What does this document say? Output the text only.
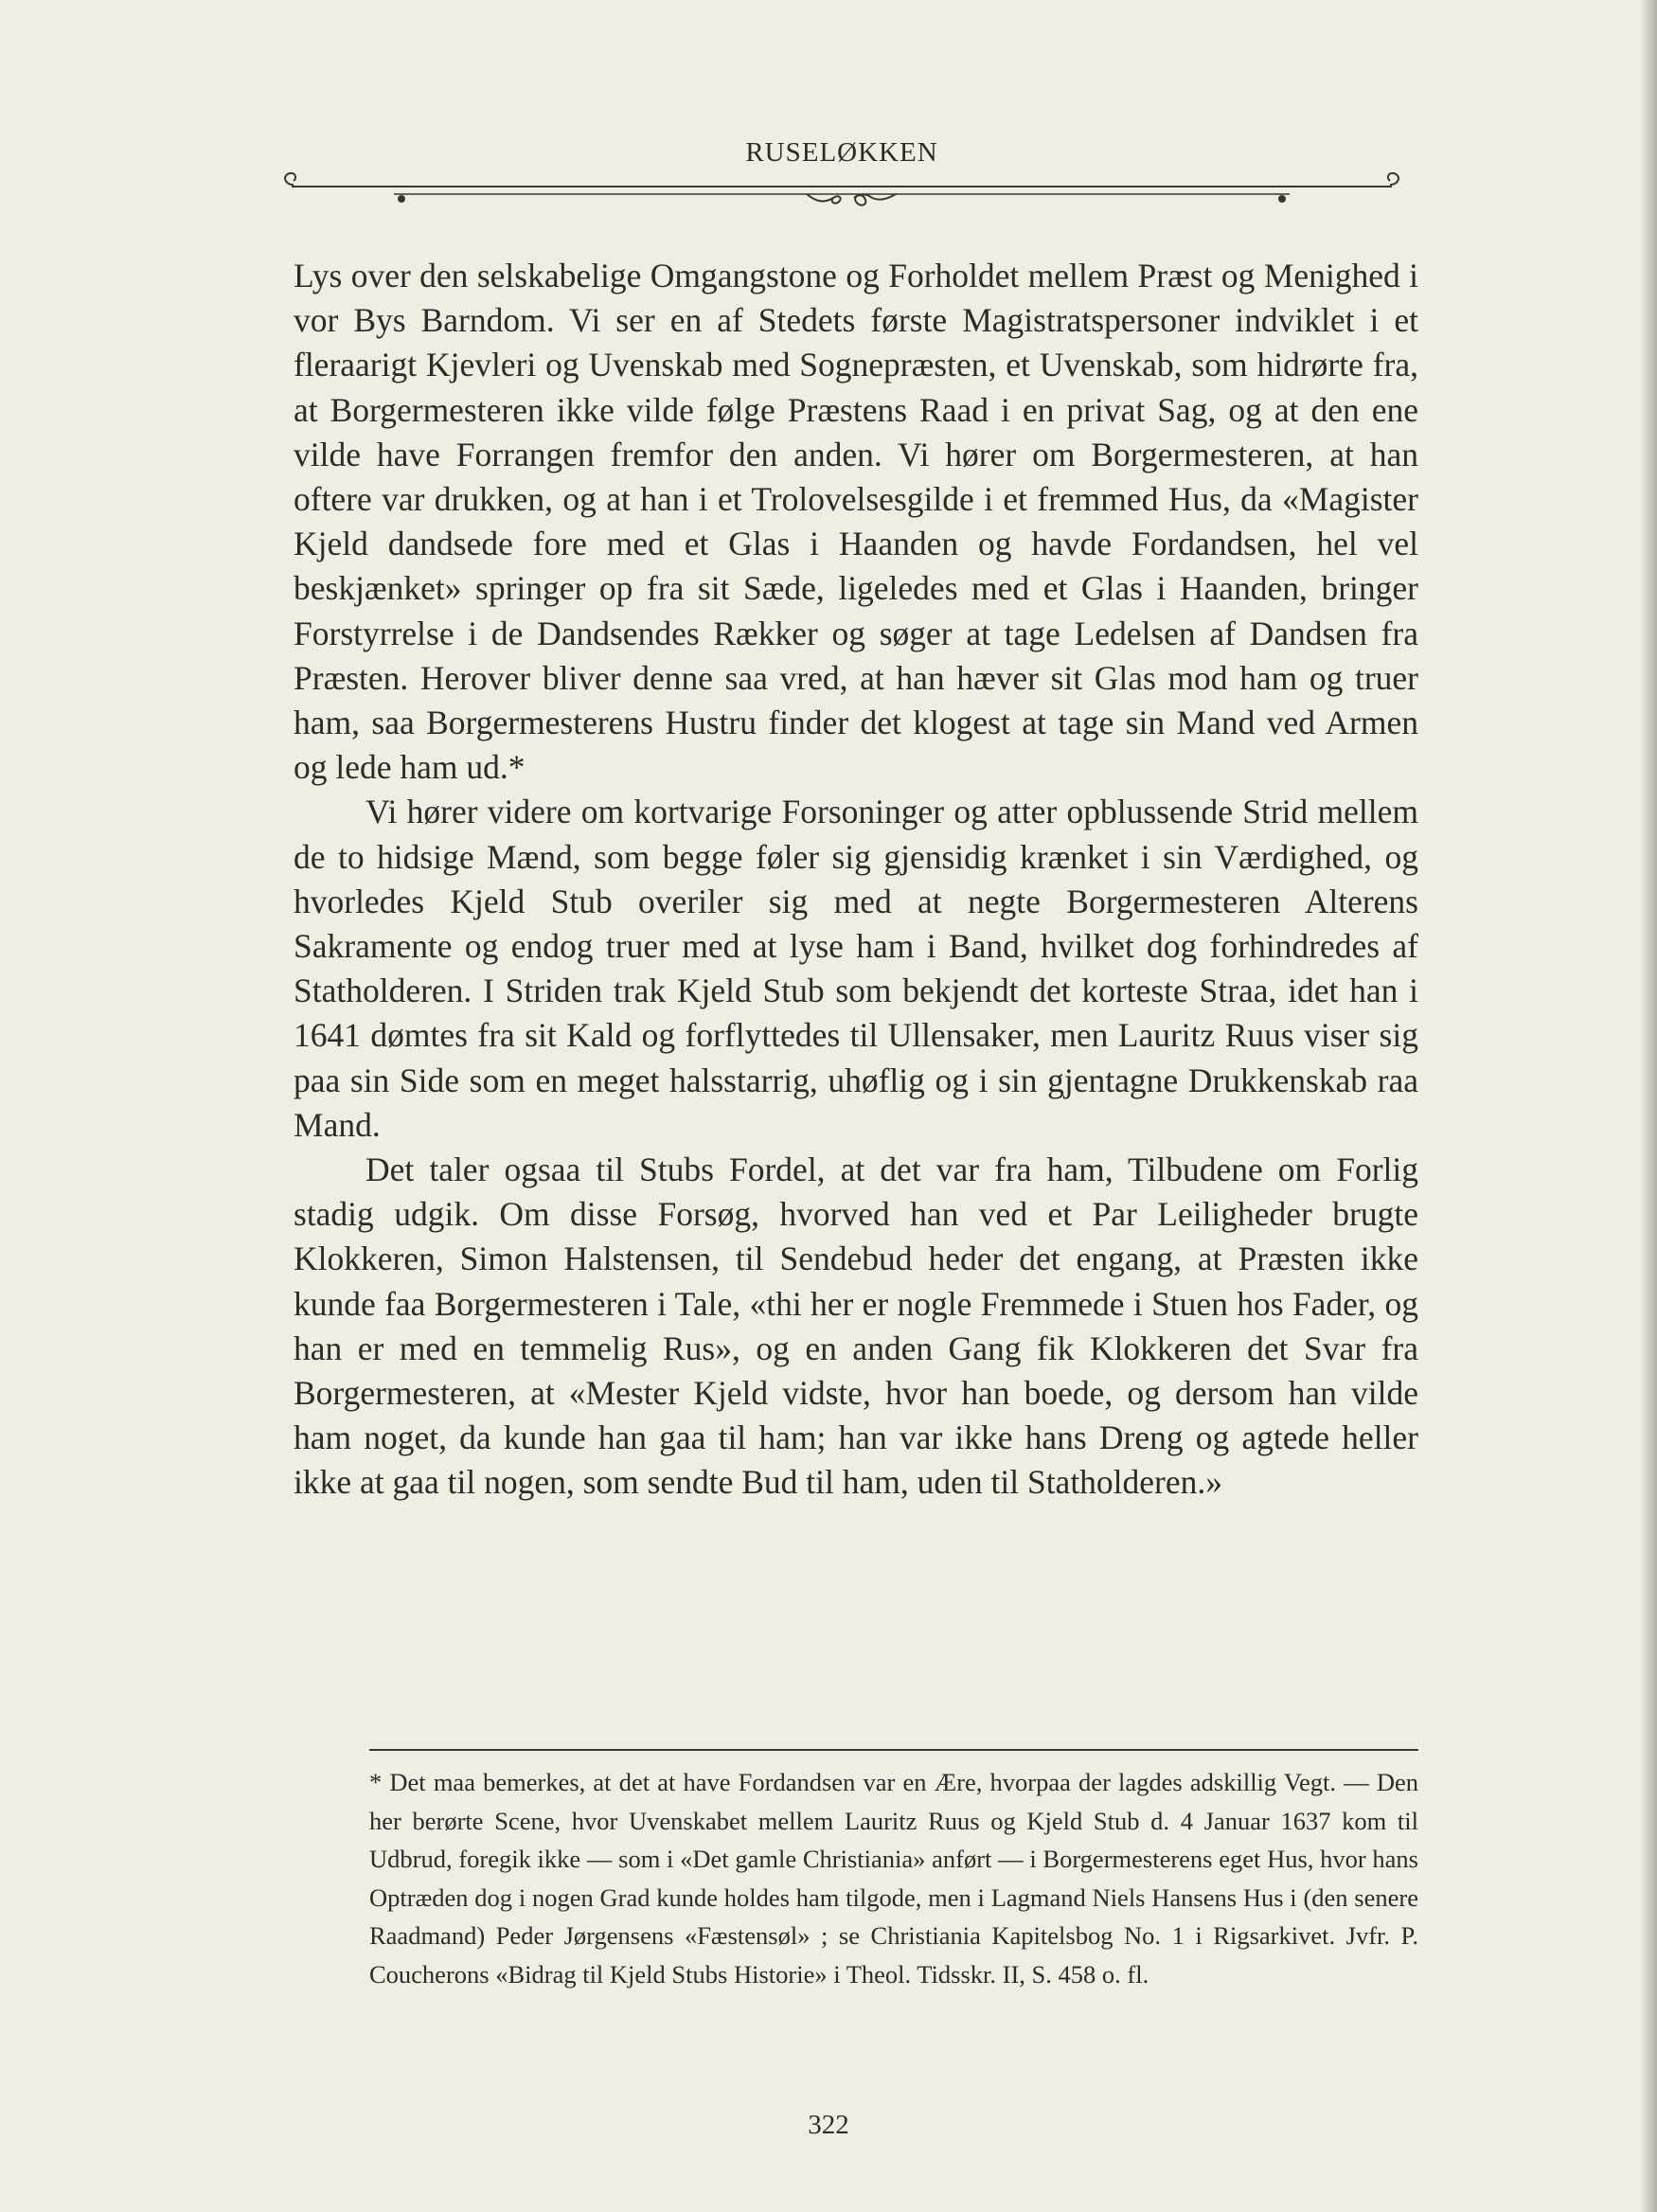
RUSELØKKEN

Lys over den selskabelige Omgangstone og Forholdet mellem Præst og Menighed i vor Bys Barndom. Vi ser en af Stedets første Magistratspersoner indviklet i et fleraarigt Kjevleri og Uvenskab med Sognepræsten, et Uvenskab, som hidrørte fra, at Borgermesteren ikke vilde følge Præstens Raad i en privat Sag, og at den ene vilde have Forrangen fremfor den anden. Vi hører om Borgermesteren, at han oftere var drukken, og at han i et Trolovelsesgilde i et fremmed Hus, da «Magister Kjeld dandsede fore med et Glas i Haanden og havde Fordandsen, hel vel beskjænket» springer op fra sit Sæde, ligeledes med et Glas i Haanden, bringer Forstyrrelse i de Dandsendes Rækker og søger at tage Ledelsen af Dandsen fra Præsten. Herover bliver denne saa vred, at han hæver sit Glas mod ham og truer ham, saa Borgermesterens Hustru finder det klogest at tage sin Mand ved Armen og lede ham ud.*

Vi hører videre om kortvarige Forsoninger og atter opblussende Strid mellem de to hidsige Mænd, som begge føler sig gjensidig krænket i sin Værdighed, og hvorledes Kjeld Stub overiler sig med at negte Borgermesteren Alterens Sakramente og endog truer med at lyse ham i Band, hvilket dog forhindredes af Statholderen. I Striden trak Kjeld Stub som bekjendt det korteste Straa, idet han i 1641 dømtes fra sit Kald og forflyttedes til Ullensaker, men Lauritz Ruus viser sig paa sin Side som en meget halsstarrig, uhøflig og i sin gjentagne Drukkenskab raa Mand.

Det taler ogsaa til Stubs Fordel, at det var fra ham, Tilbudene om Forlig stadig udgik. Om disse Forsøg, hvorved han ved et Par Leiligheder brugte Klokkeren, Simon Halstensen, til Sendebud heder det engang, at Præsten ikke kunde faa Borgermesteren i Tale, «thi her er nogle Fremmede i Stuen hos Fader, og han er med en temmelig Rus», og en anden Gang fik Klokkeren det Svar fra Borgermesteren, at «Mester Kjeld vidste, hvor han boede, og dersom han vilde ham noget, da kunde han gaa til ham; han var ikke hans Dreng og agtede heller ikke at gaa til nogen, som sendte Bud til ham, uden til Statholderen.»

* Det maa bemerkes, at det at have Fordandsen var en Ære, hvorpaa der lagdes adskillig Vegt. — Den her berørte Scene, hvor Uvenskabet mellem Lauritz Ruus og Kjeld Stub d. 4 Januar 1637 kom til Udbrud, foregik ikke — som i «Det gamle Christiania» anført — i Borgermesterens eget Hus, hvor hans Optræden dog i nogen Grad kunde holdes ham tilgode, men i Lagmand Niels Hansens Hus i (den senere Raadmand) Peder Jørgensens «Fæstensøl» ; se Christiania Kapitelsbog No. 1 i Rigsarkivet. Jvfr. P. Coucherons «Bidrag til Kjeld Stubs Historie» i Theol. Tidsskr. II, S. 458 o. fl.

322
